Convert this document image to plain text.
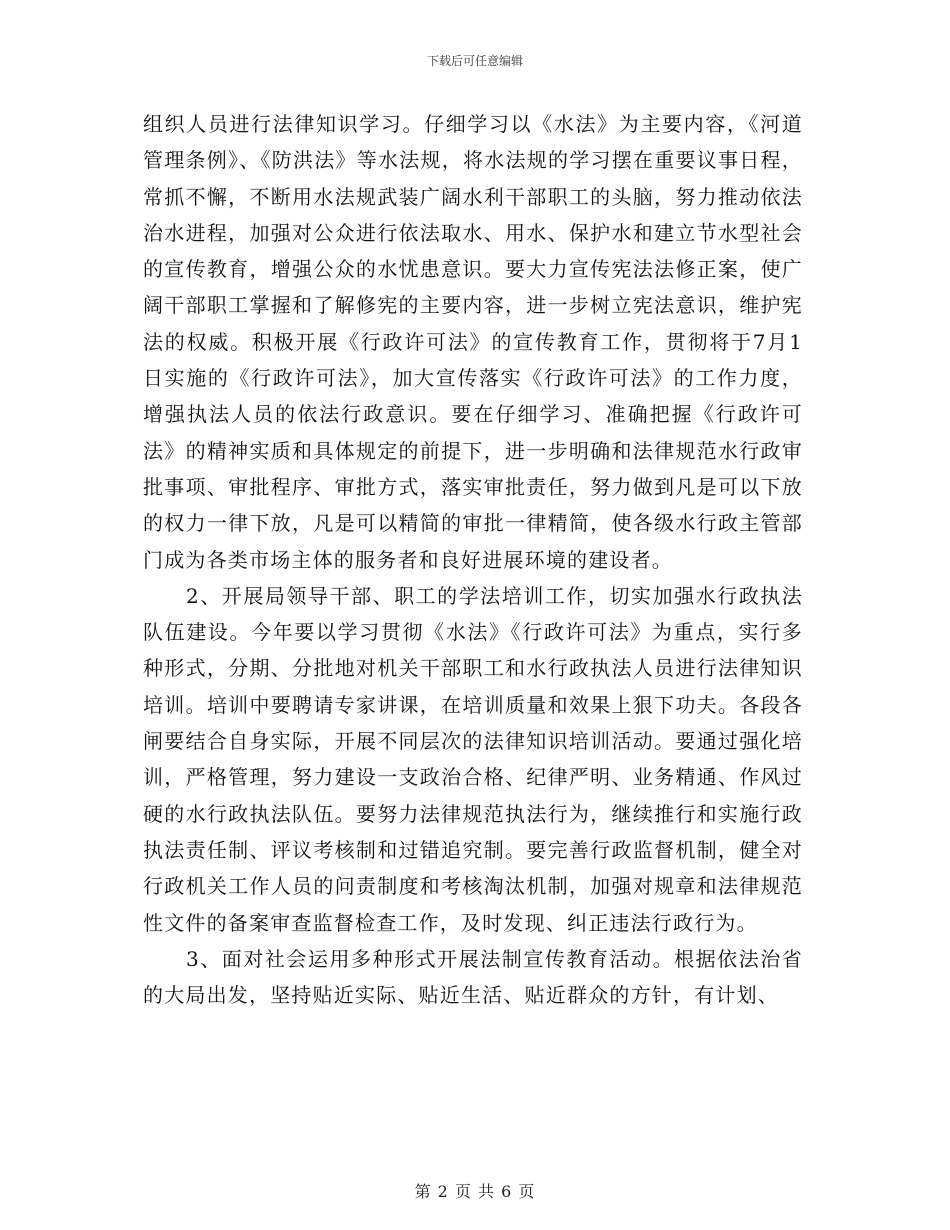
下载后可任意编辑

组织人员进行法律知识学习。仔细学习以《水法》为主要内容，《河道管理条例》、《防洪法》等水法规，将水法规的学习摆在重要议事日程，常抓不懈，不断用水法规武装广阔水利干部职工的头脑，努力推动依法治水进程，加强对公众进行依法取水、用水、保护水和建立节水型社会的宣传教育，增强公众的水忧患意识。要大力宣传宪法法修正案，使广阔干部职工掌握和了解修宪的主要内容，进一步树立宪法意识，维护宪法的权威。积极开展《行政许可法》的宣传教育工作，贯彻将于7月1日实施的《行政许可法》，加大宣传落实《行政许可法》的工作力度，增强执法人员的依法行政意识。要在仔细学习、准确把握《行政许可法》的精神实质和具体规定的前提下，进一步明确和法律规范水行政审批事项、审批程序、审批方式，落实审批责任，努力做到凡是可以下放的权力一律下放，凡是可以精简的审批一律精简，使各级水行政主管部门成为各类市场主体的服务者和良好进展环境的建设者。

2、开展局领导干部、职工的学法培训工作，切实加强水行政执法队伍建设。今年要以学习贯彻《水法》《行政许可法》为重点，实行多种形式，分期、分批地对机关干部职工和水行政执法人员进行法律知识培训。培训中要聘请专家讲课，在培训质量和效果上狠下功夫。各段各闸要结合自身实际，开展不同层次的法律知识培训活动。要通过强化培训，严格管理，努力建设一支政治合格、纪律严明、业务精通、作风过硬的水行政执法队伍。要努力法律规范执法行为，继续推行和实施行政执法责任制、评议考核制和过错追究制。要完善行政监督机制，健全对行政机关工作人员的问责制度和考核淘汰机制，加强对规章和法律规范性文件的备案审查监督检查工作，及时发现、纠正违法行政行为。

3、面对社会运用多种形式开展法制宣传教育活动。根据依法治省的大局出发，坚持贴近实际、贴近生活、贴近群众的方针，有计划、

第 2 页 共 6 页
